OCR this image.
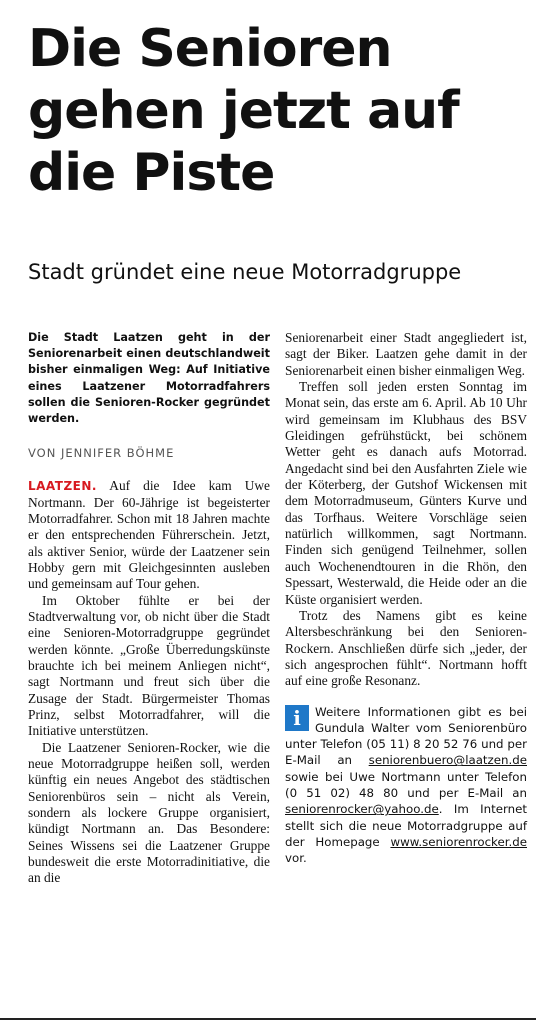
Die Senioren gehen jetzt auf die Piste
Stadt gründet eine neue Motorradgruppe

Die Stadt Laatzen geht in der Seniorenarbeit einen deutschlandweit bisher einmaligen Weg: Auf Initiative eines Laatzener Motorradfahrers sollen die Senioren-Rocker gegründet werden.

VON JENNIFER BÖHME

LAATZEN. Auf die Idee kam Uwe Nortmann. Der 60-Jährige ist begeisterter Motorradfahrer. Schon mit 18 Jahren machte er den entsprechenden Führerschein. Jetzt, als aktiver Senior, würde der Laatzener sein Hobby gern mit Gleichgesinnten ausleben und gemeinsam auf Tour gehen.

Im Oktober fühlte er bei der Stadtverwaltung vor, ob nicht über die Stadt eine Senioren-Motorradgruppe gegründet werden könnte. „Große Überredungskünste brauchte ich bei meinem Anliegen nicht“, sagt Nortmann und freut sich über die Zusage der Stadt. Bürgermeister Thomas Prinz, selbst Motorradfahrer, will die Initiative unterstützen.

Die Laatzener Senioren-Rocker, wie die neue Motorradgruppe heißen soll, werden künftig ein neues Angebot des städtischen Seniorenbüros sein – nicht als Verein, sondern als lockere Gruppe organisiert, kündigt Nortmann an. Das Besondere: Seines Wissens sei die Laatzener Gruppe bundesweit die erste Motorradinitiative, die an die

Seniorenarbeit einer Stadt angegliedert ist, sagt der Biker. Laatzen gehe damit in der Seniorenarbeit einen bisher einmaligen Weg.

Treffen soll jeden ersten Sonntag im Monat sein, das erste am 6. April. Ab 10 Uhr wird gemeinsam im Klubhaus des BSV Gleidingen gefrühstückt, bei schönem Wetter geht es danach aufs Motorrad. Angedacht sind bei den Ausfahrten Ziele wie der Köterberg, der Gutshof Wickensen mit dem Motorradmuseum, Günters Kurve und das Torfhaus. Weitere Vorschläge seien natürlich willkommen, sagt Nortmann. Finden sich genügend Teilnehmer, sollen auch Wochenendtouren in die Rhön, den Spessart, Westerwald, die Heide oder an die Küste organisiert werden.

Trotz des Namens gibt es keine Altersbeschränkung bei den Senioren-Rockern. Anschließen dürfe sich „jeder, der sich angesprochen fühlt“. Nortmann hofft auf eine große Resonanz.

i	Weitere Informationen gibt es bei Gundula Walter vom Seniorenbüro unter Telefon (05 11) 8 20 52 76 und per E-Mail an seniorenbuero@laatzen.de sowie bei Uwe Nortmann unter Telefon (0 51 02) 48 80 und per E-Mail an seniorenrocker@yahoo.de. Im Internet stellt sich die neue Motorradgruppe auf der Homepage www.seniorenrocker.de vor.
